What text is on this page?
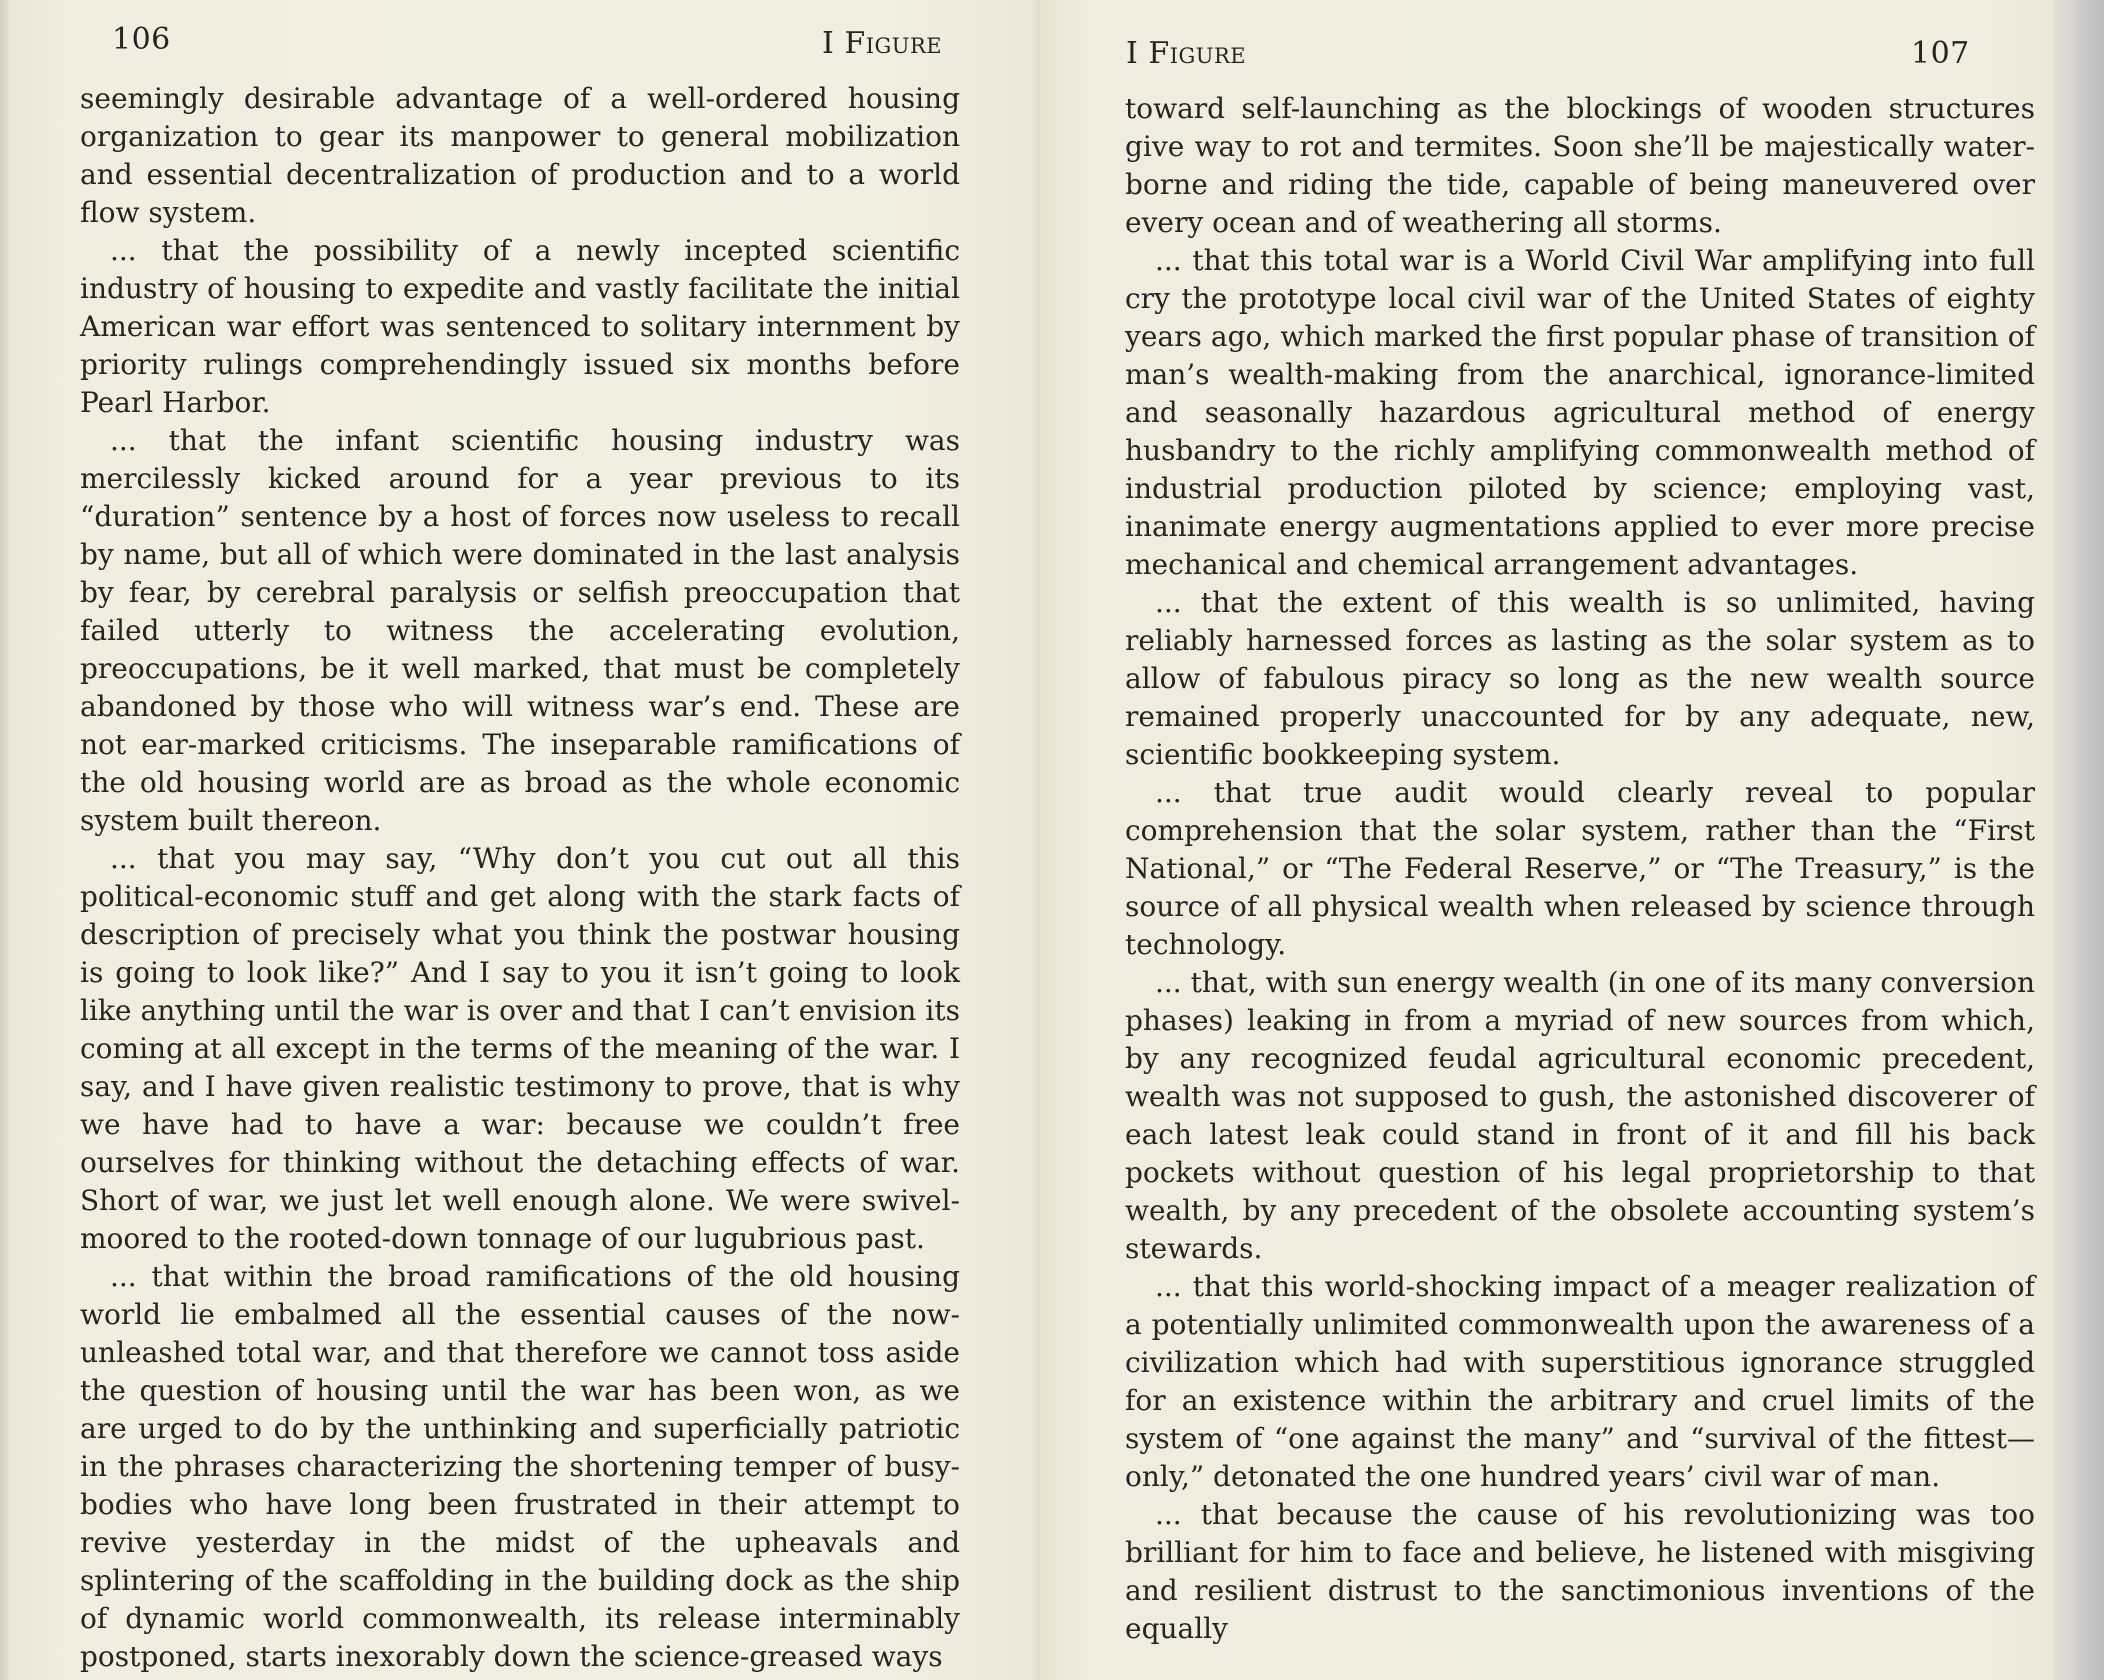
106	I Figure

seemingly desirable advantage of a well-ordered housing organization to gear its manpower to general mobilization and essential decentralization of production and to a world flow system.

... that the possibility of a newly incepted scientific industry of housing to expedite and vastly facilitate the initial American war effort was sentenced to solitary internment by priority rulings comprehendingly issued six months before Pearl Harbor.

... that the infant scientific housing industry was mercilessly kicked around for a year previous to its “duration” sentence by a host of forces now useless to recall by name, but all of which were dominated in the last analysis by fear, by cerebral paralysis or selfish preoccupation that failed utterly to witness the accelerating evolution, preoccupations, be it well marked, that must be completely abandoned by those who will witness war’s end. These are not ear-marked criticisms. The inseparable ramifications of the old housing world are as broad as the whole economic system built thereon.

... that you may say, “Why don’t you cut out all this political-economic stuff and get along with the stark facts of description of precisely what you think the postwar housing is going to look like?” And I say to you it isn’t going to look like anything until the war is over and that I can’t envision its coming at all except in the terms of the meaning of the war. I say, and I have given realistic testimony to prove, that is why we have had to have a war: because we couldn’t free ourselves for thinking without the detaching effects of war. Short of war, we just let well enough alone. We were swivel-moored to the rooted-down tonnage of our lugubrious past.

... that within the broad ramifications of the old housing world lie embalmed all the essential causes of the now-unleashed total war, and that therefore we cannot toss aside the question of housing until the war has been won, as we are urged to do by the unthinking and superficially patriotic in the phrases characterizing the shortening temper of busy-bodies who have long been frustrated in their attempt to revive yesterday in the midst of the upheavals and splintering of the scaffolding in the building dock as the ship of dynamic world commonwealth, its release interminably postponed, starts inexorably down the science-greased ways

I Figure	107

toward self-launching as the blockings of wooden structures give way to rot and termites. Soon she’ll be majestically water-borne and riding the tide, capable of being maneuvered over every ocean and of weathering all storms.

... that this total war is a World Civil War amplifying into full cry the prototype local civil war of the United States of eighty years ago, which marked the first popular phase of transition of man’s wealth-making from the anarchical, ignorance-limited and seasonally hazardous agricultural method of energy husbandry to the richly amplifying commonwealth method of industrial production piloted by science; employing vast, inanimate energy augmentations applied to ever more precise mechanical and chemical arrangement advantages.

... that the extent of this wealth is so unlimited, having reliably harnessed forces as lasting as the solar system as to allow of fabulous piracy so long as the new wealth source remained properly unaccounted for by any adequate, new, scientific bookkeeping system.

... that true audit would clearly reveal to popular comprehension that the solar system, rather than the “First National,” or “The Federal Reserve,” or “The Treasury,” is the source of all physical wealth when released by science through technology.

... that, with sun energy wealth (in one of its many conversion phases) leaking in from a myriad of new sources from which, by any recognized feudal agricultural economic precedent, wealth was not supposed to gush, the astonished discoverer of each latest leak could stand in front of it and fill his back pockets without question of his legal proprietorship to that wealth, by any precedent of the obsolete accounting system’s stewards.

... that this world-shocking impact of a meager realization of a potentially unlimited commonwealth upon the awareness of a civilization which had with superstitious ignorance struggled for an existence within the arbitrary and cruel limits of the system of “one against the many” and “survival of the fittest—only,” detonated the one hundred years’ civil war of man.

... that because the cause of his revolutionizing was too brilliant for him to face and believe, he listened with misgiving and resilient distrust to the sanctimonious inventions of the equally
